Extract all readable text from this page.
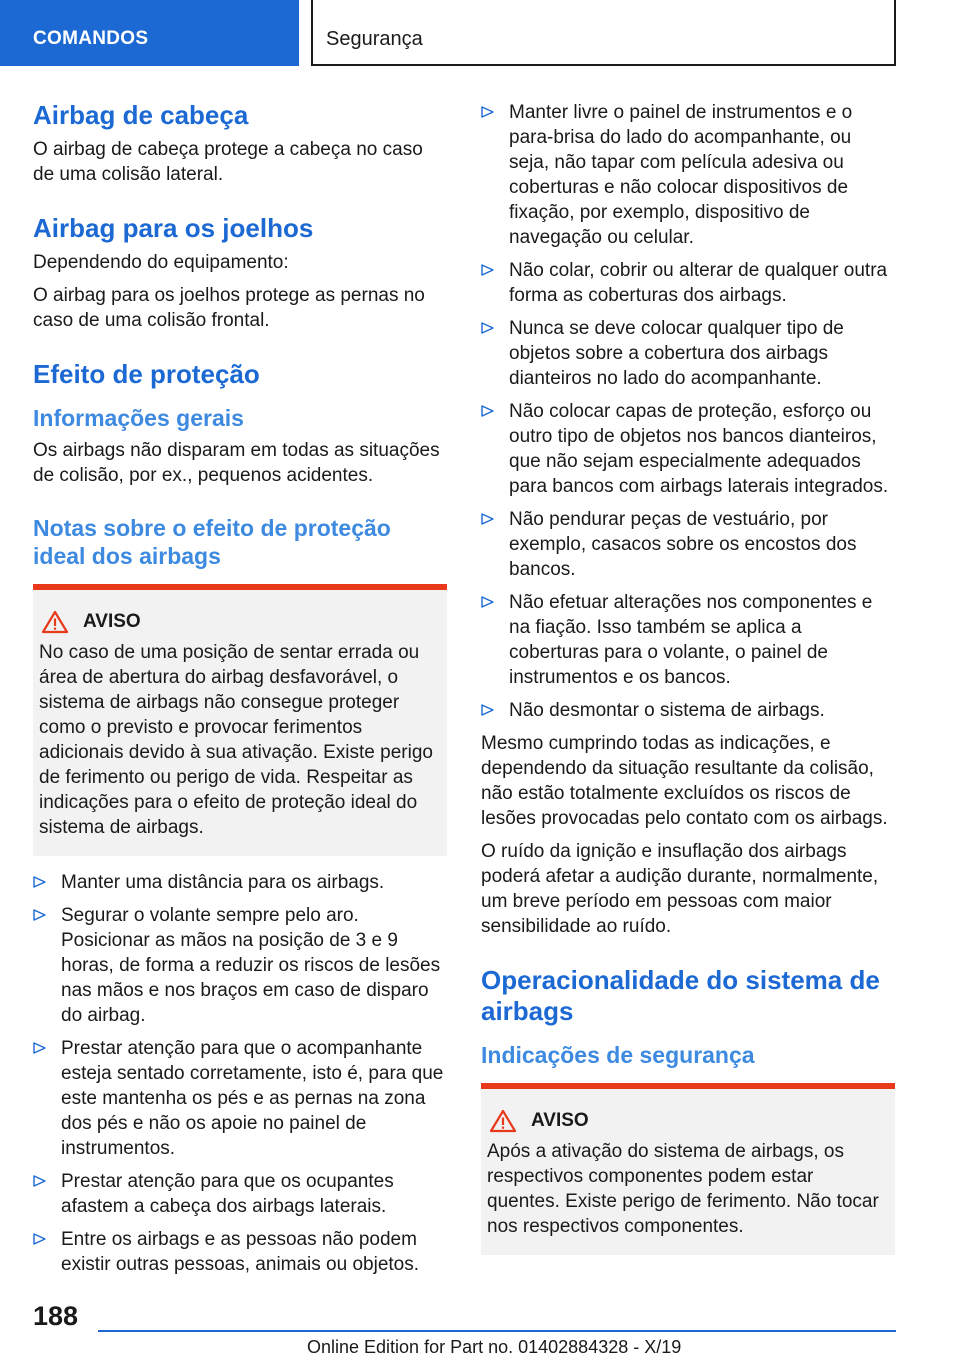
COMANDOS	Segurança
Airbag de cabeça

O airbag de cabeça protege a cabeça no caso de uma colisão lateral.

Airbag para os joelhos

Dependendo do equipamento:

O airbag para os joelhos protege as pernas no caso de uma colisão frontal.

Efeito de proteção
Informações gerais

Os airbags não disparam em todas as situações de colisão, por ex., pequenos acidentes.

Notas sobre o efeito de proteção ideal dos airbags
AVISO

No caso de uma posição de sentar errada ou área de abertura do airbag desfavorável, o sistema de airbags não consegue proteger como o previsto e provocar ferimentos adicionais devido à sua ativação. Existe perigo de ferimento ou perigo de vida. Respeitar as indicações para o efeito de proteção ideal do sistema de airbags.

Manter uma distância para os airbags.
Segurar o volante sempre pelo aro. Posicionar as mãos na posição de 3 e 9 horas, de forma a reduzir os riscos de lesões nas mãos e nos braços em caso de disparo do airbag.
Prestar atenção para que o acompanhante esteja sentado corretamente, isto é, para que este mantenha os pés e as pernas na zona dos pés e não os apoie no painel de instrumentos.
Prestar atenção para que os ocupantes afastem a cabeça dos airbags laterais.
Entre os airbags e as pessoas não podem existir outras pessoas, animais ou objetos.
Manter livre o painel de instrumentos e o para-brisa do lado do acompanhante, ou seja, não tapar com película adesiva ou coberturas e não colocar dispositivos de fixação, por exemplo, dispositivo de navegação ou celular.
Não colar, cobrir ou alterar de qualquer outra forma as coberturas dos airbags.
Nunca se deve colocar qualquer tipo de objetos sobre a cobertura dos airbags dianteiros no lado do acompanhante.
Não colocar capas de proteção, esforço ou outro tipo de objetos nos bancos dianteiros, que não sejam especialmente adequados para bancos com airbags laterais integrados.
Não pendurar peças de vestuário, por exemplo, casacos sobre os encostos dos bancos.
Não efetuar alterações nos componentes e na fiação. Isso também se aplica a coberturas para o volante, o painel de instrumentos e os bancos.
Não desmontar o sistema de airbags.

Mesmo cumprindo todas as indicações, e dependendo da situação resultante da colisão, não estão totalmente excluídos os riscos de lesões provocadas pelo contato com os airbags.

O ruído da ignição e insuflação dos airbags poderá afetar a audição durante, normalmente, um breve período em pessoas com maior sensibilidade ao ruído.

Operacionalidade do sistema de airbags
Indicações de segurança
AVISO

Após a ativação do sistema de airbags, os respectivos componentes podem estar quentes. Existe perigo de ferimento. Não tocar nos respectivos componentes.

188
Online Edition for Part no. 01402884328 - X/19
